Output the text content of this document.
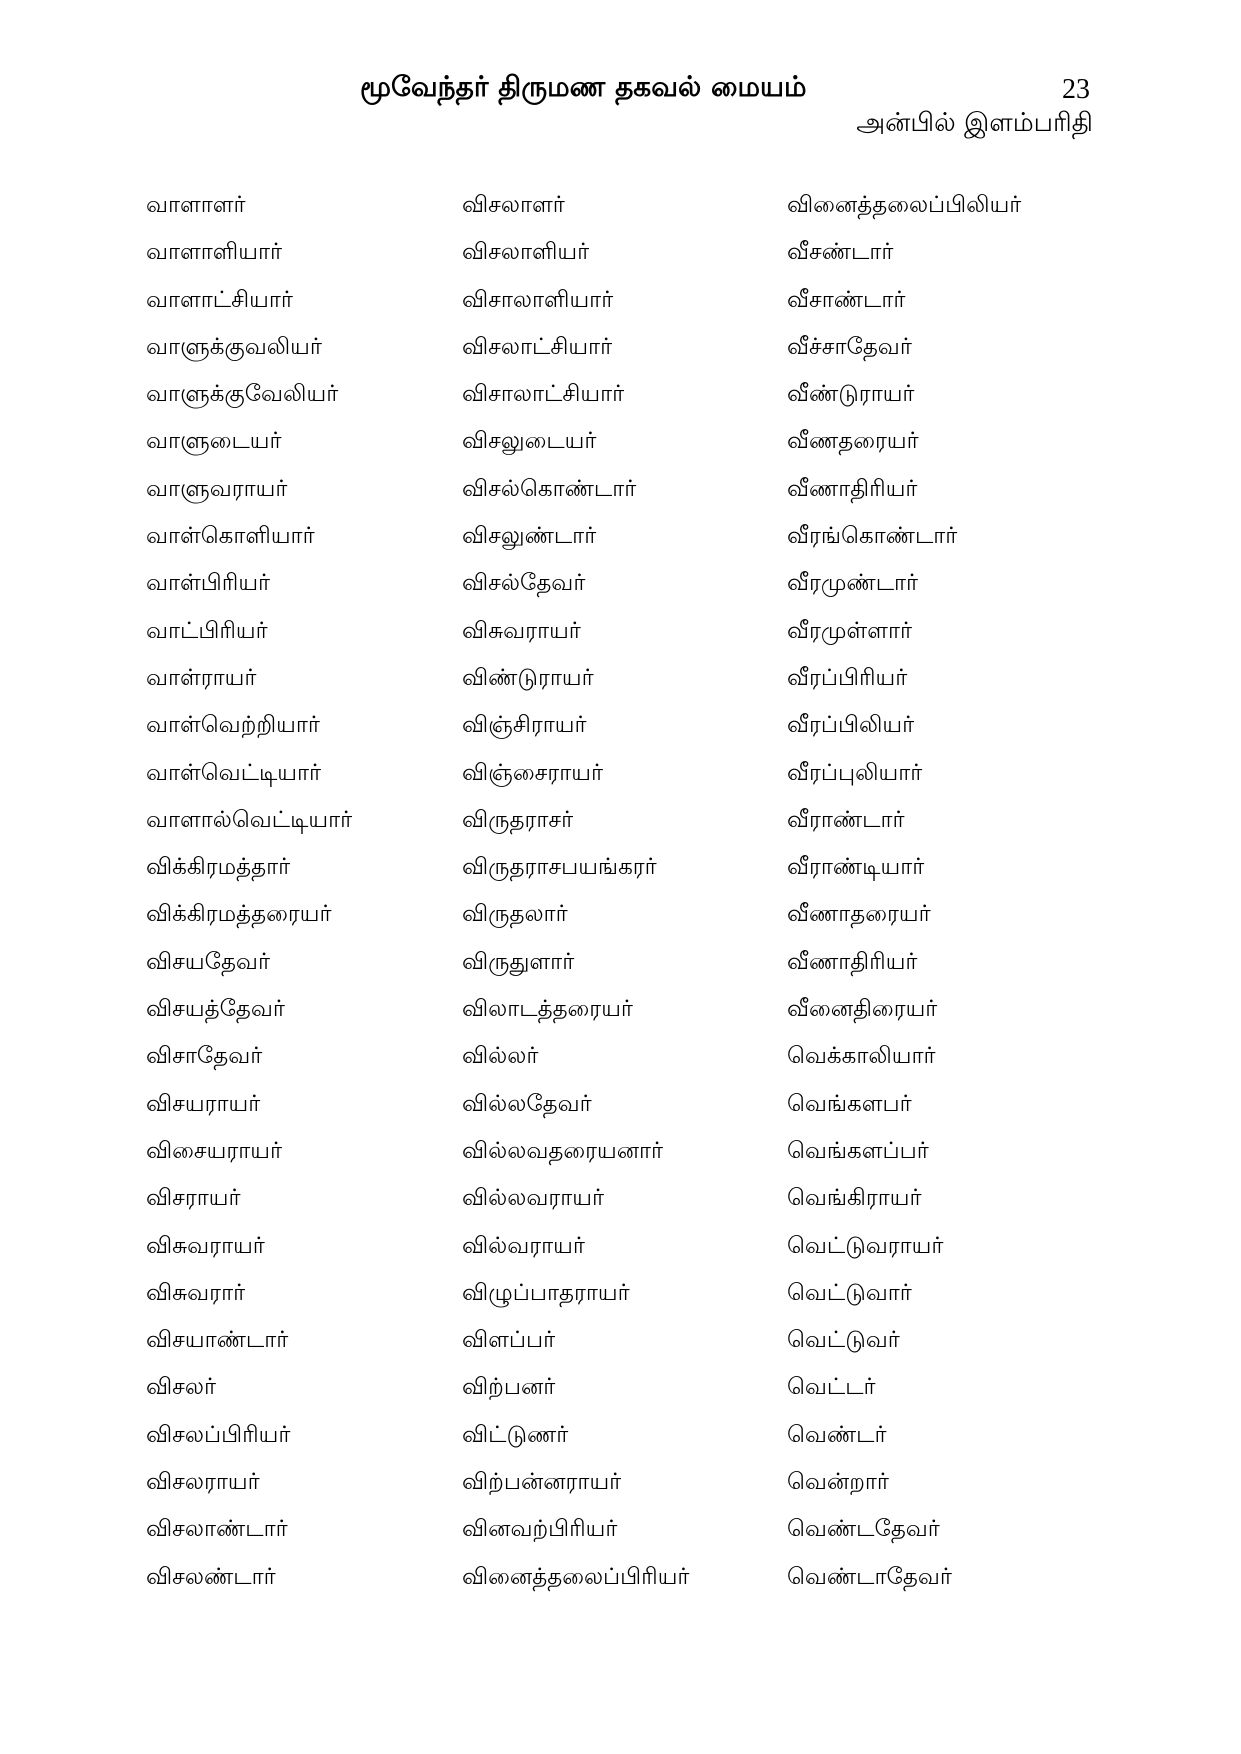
மூவேந்தர் திருமண தகவல் மையம்	23
அன்பில் இளம்பரிதி
வாளாளர்
வாளாளியார்
வாளாட்சியார்
வாளுக்குவலியர்
வாளுக்குவேலியர்
வாளுடையர்
வாளுவராயர்
வாள்கொளியார்
வாள்பிரியர்
வாட்பிரியர்
வாள்ராயர்
வாள்வெற்றியார்
வாள்வெட்டியார்
வாளால்வெட்டியார்
விக்கிரமத்தார்
விக்கிரமத்தரையர்
விசயதேவர்
விசயத்தேவர்
விசாதேவர்
விசயராயர்
விசையராயர்
விசராயர்
விசுவராயர்
விசுவரார்
விசயாண்டார்
விசலர்
விசலப்பிரியர்
விசலராயர்
விசலாண்டார்
விசலண்டார்
விசலாளர்
விசலாளியர்
விசாலாளியார்
விசலாட்சியார்
விசாலாட்சியார்
விசலுடையர்
விசல்கொண்டார்
விசலுண்டார்
விசல்தேவர்
விசுவராயர்
விண்டுராயர்
விஞ்சிராயர்
விஞ்சைராயர்
விருதராசர்
விருதராசபயங்கரர்
விருதலார்
விருதுளார்
விலாடத்தரையர்
வில்லர்
வில்லதேவர்
வில்லவதரையனார்
வில்லவராயர்
வில்வராயர்
விழுப்பாதராயர்
விளப்பர்
விற்பனர்
விட்டுணர்
விற்பன்னராயர்
வினவற்பிரியர்
வினைத்தலைப்பிரியர்
வினைத்தலைப்பிலியர்
வீசண்டார்
வீசாண்டார்
வீச்சாதேவர்
வீண்டுராயர்
வீணதரையர்
வீணாதிரியர்
வீரங்கொண்டார்
வீரமுண்டார்
வீரமுள்ளார்
வீரப்பிரியர்
வீரப்பிலியர்
வீரப்புலியார்
வீராண்டார்
வீராண்டியார்
வீணாதரையர்
வீணாதிரியர்
வீனைதிரையர்
வெக்காலியார்
வெங்களபர்
வெங்களப்பர்
வெங்கிராயர்
வெட்டுவராயர்
வெட்டுவார்
வெட்டுவர்
வெட்டர்
வெண்டர்
வென்றார்
வெண்டதேவர்
வெண்டாதேவர்
